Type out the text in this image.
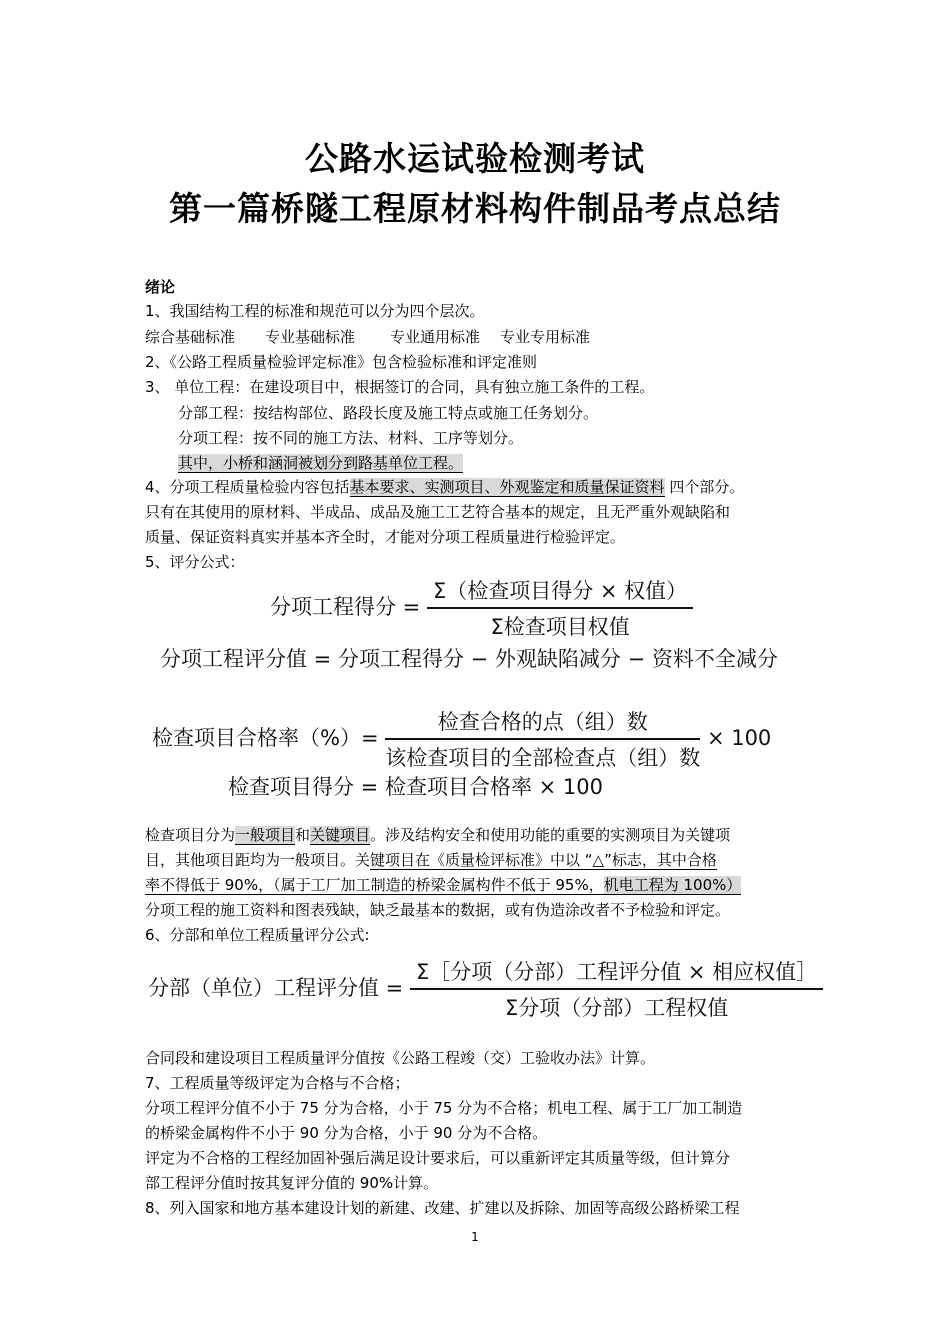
公路水运试验检测考试
第一篇桥隧工程原材料构件制品考点总结
绪论
1、我国结构工程的标准和规范可以分为四个层次。
综合基础标准 专业基础标准 专业通用标准 专业专用标准
2、《公路工程质量检验评定标准》包含检验标准和评定准则
3、 单位工程：在建设项目中，根据签订的合同，具有独立施工条件的工程。
分部工程：按结构部位、路段长度及施工特点或施工任务划分。
分项工程：按不同的施工方法、材料、工序等划分。
其中，小桥和涵洞被划分到路基单位工程。
4、分项工程质量检验内容包括基本要求、实测项目、外观鉴定和质量保证资料 四个部分。
只有在其使用的原材料、半成品、成品及施工工艺符合基本的规定，且无严重外观缺陷和
质量、保证资料真实并基本齐全时，才能对分项工程质量进行检验评定。
5、评分公式：
分项工程得分 = $\frac{\text{Σ（检查项目得分 × 权值）}}{\text{Σ检查项目权值}}$
分项工程评分值 = 分项工程得分 − 外观缺陷减分 − 资料不全减分
检查项目合格率（%）= $\frac{\text{检查合格的点（组）数}}{\text{该检查项目的全部检查点（组）数}} \times 100$
检查项目得分 = 检查项目合格率 × 100
检查项目分为一般项目和关键项目。涉及结构安全和使用功能的重要的实测项目为关键项
目，其他项目距均为一般项目。关键项目在《质量检评标准》中以 “△”标志，其中合格
率不得低于 90%，（属于工厂加工制造的桥梁金属构件不低于 95%，机电工程为 100%）
分项工程的施工资料和图表残缺，缺乏最基本的数据，或有伪造涂改者不予检验和评定。
6、分部和单位工程质量评分公式:
分部（单位）工程评分值 = $\frac{\text{Σ［分项（分部）工程评分值 × 相应权值］}}{\text{Σ分项（分部）工程权值}}$
合同段和建设项目工程质量评分值按《公路工程竣（交）工验收办法》计算。
7、工程质量等级评定为合格与不合格；
分项工程评分值不小于 75 分为合格，小于 75 分为不合格；机电工程、属于工厂加工制造
的桥梁金属构件不小于 90 分为合格，小于 90 分为不合格。
评定为不合格的工程经加固补强后满足设计要求后，可以重新评定其质量等级，但计算分
部工程评分值时按其复评分值的 90%计算。
8、列入国家和地方基本建设计划的新建、改建、扩建以及拆除、加固等高级公路桥梁工程
1
